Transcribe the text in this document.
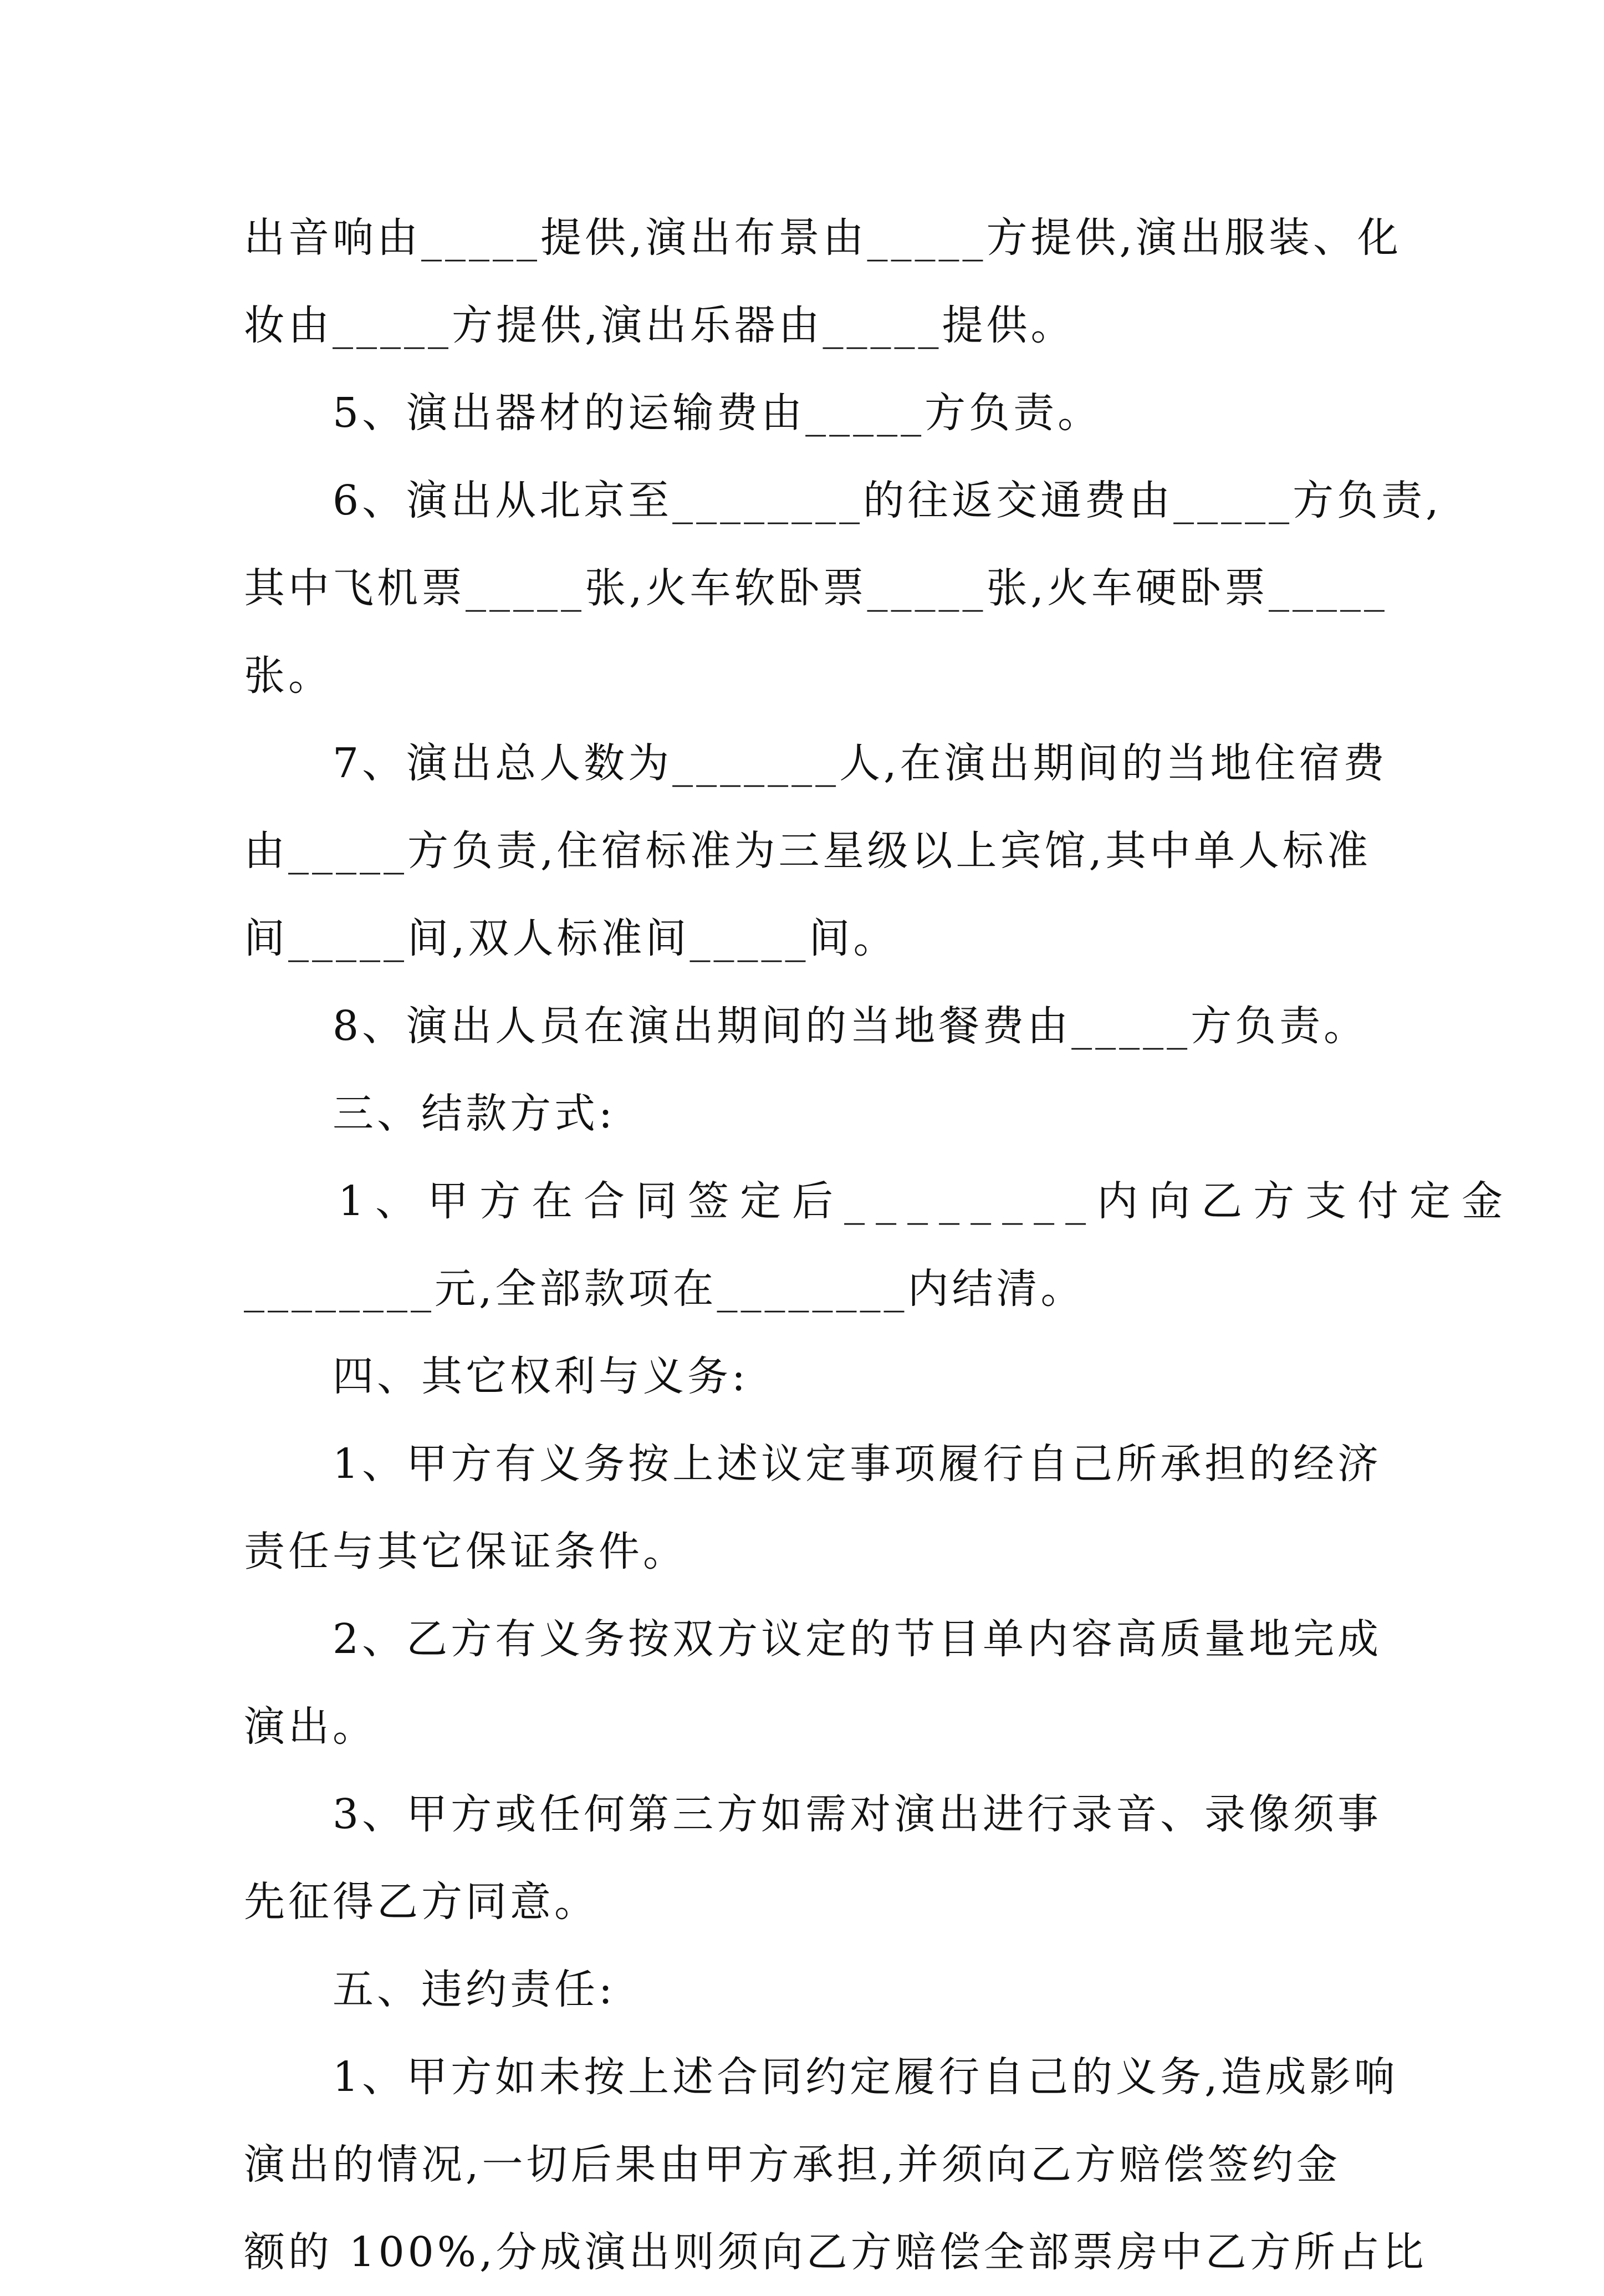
出音响由_____提供,演出布景由_____方提供,演出服装、化
妆由_____方提供,演出乐器由_____提供。
5、演出器材的运输费由_____方负责。
6、演出从北京至________的往返交通费由_____方负责,
其中飞机票_____张,火车软卧票_____张,火车硬卧票_____
张。
7、演出总人数为_______人,在演出期间的当地住宿费
由_____方负责,住宿标准为三星级以上宾馆,其中单人标准
间_____间,双人标准间_____间。
8、演出人员在演出期间的当地餐费由_____方负责。
三、结款方式:
1、甲方在合同签定后________内向乙方支付定金
________元,全部款项在________内结清。
四、其它权利与义务:
1、甲方有义务按上述议定事项履行自己所承担的经济
责任与其它保证条件。
2、乙方有义务按双方议定的节目单内容高质量地完成
演出。
3、甲方或任何第三方如需对演出进行录音、录像须事
先征得乙方同意。
五、违约责任:
1、甲方如未按上述合同约定履行自己的义务,造成影响
演出的情况,一切后果由甲方承担,并须向乙方赔偿签约金
额的 100%,分成演出则须向乙方赔偿全部票房中乙方所占比
